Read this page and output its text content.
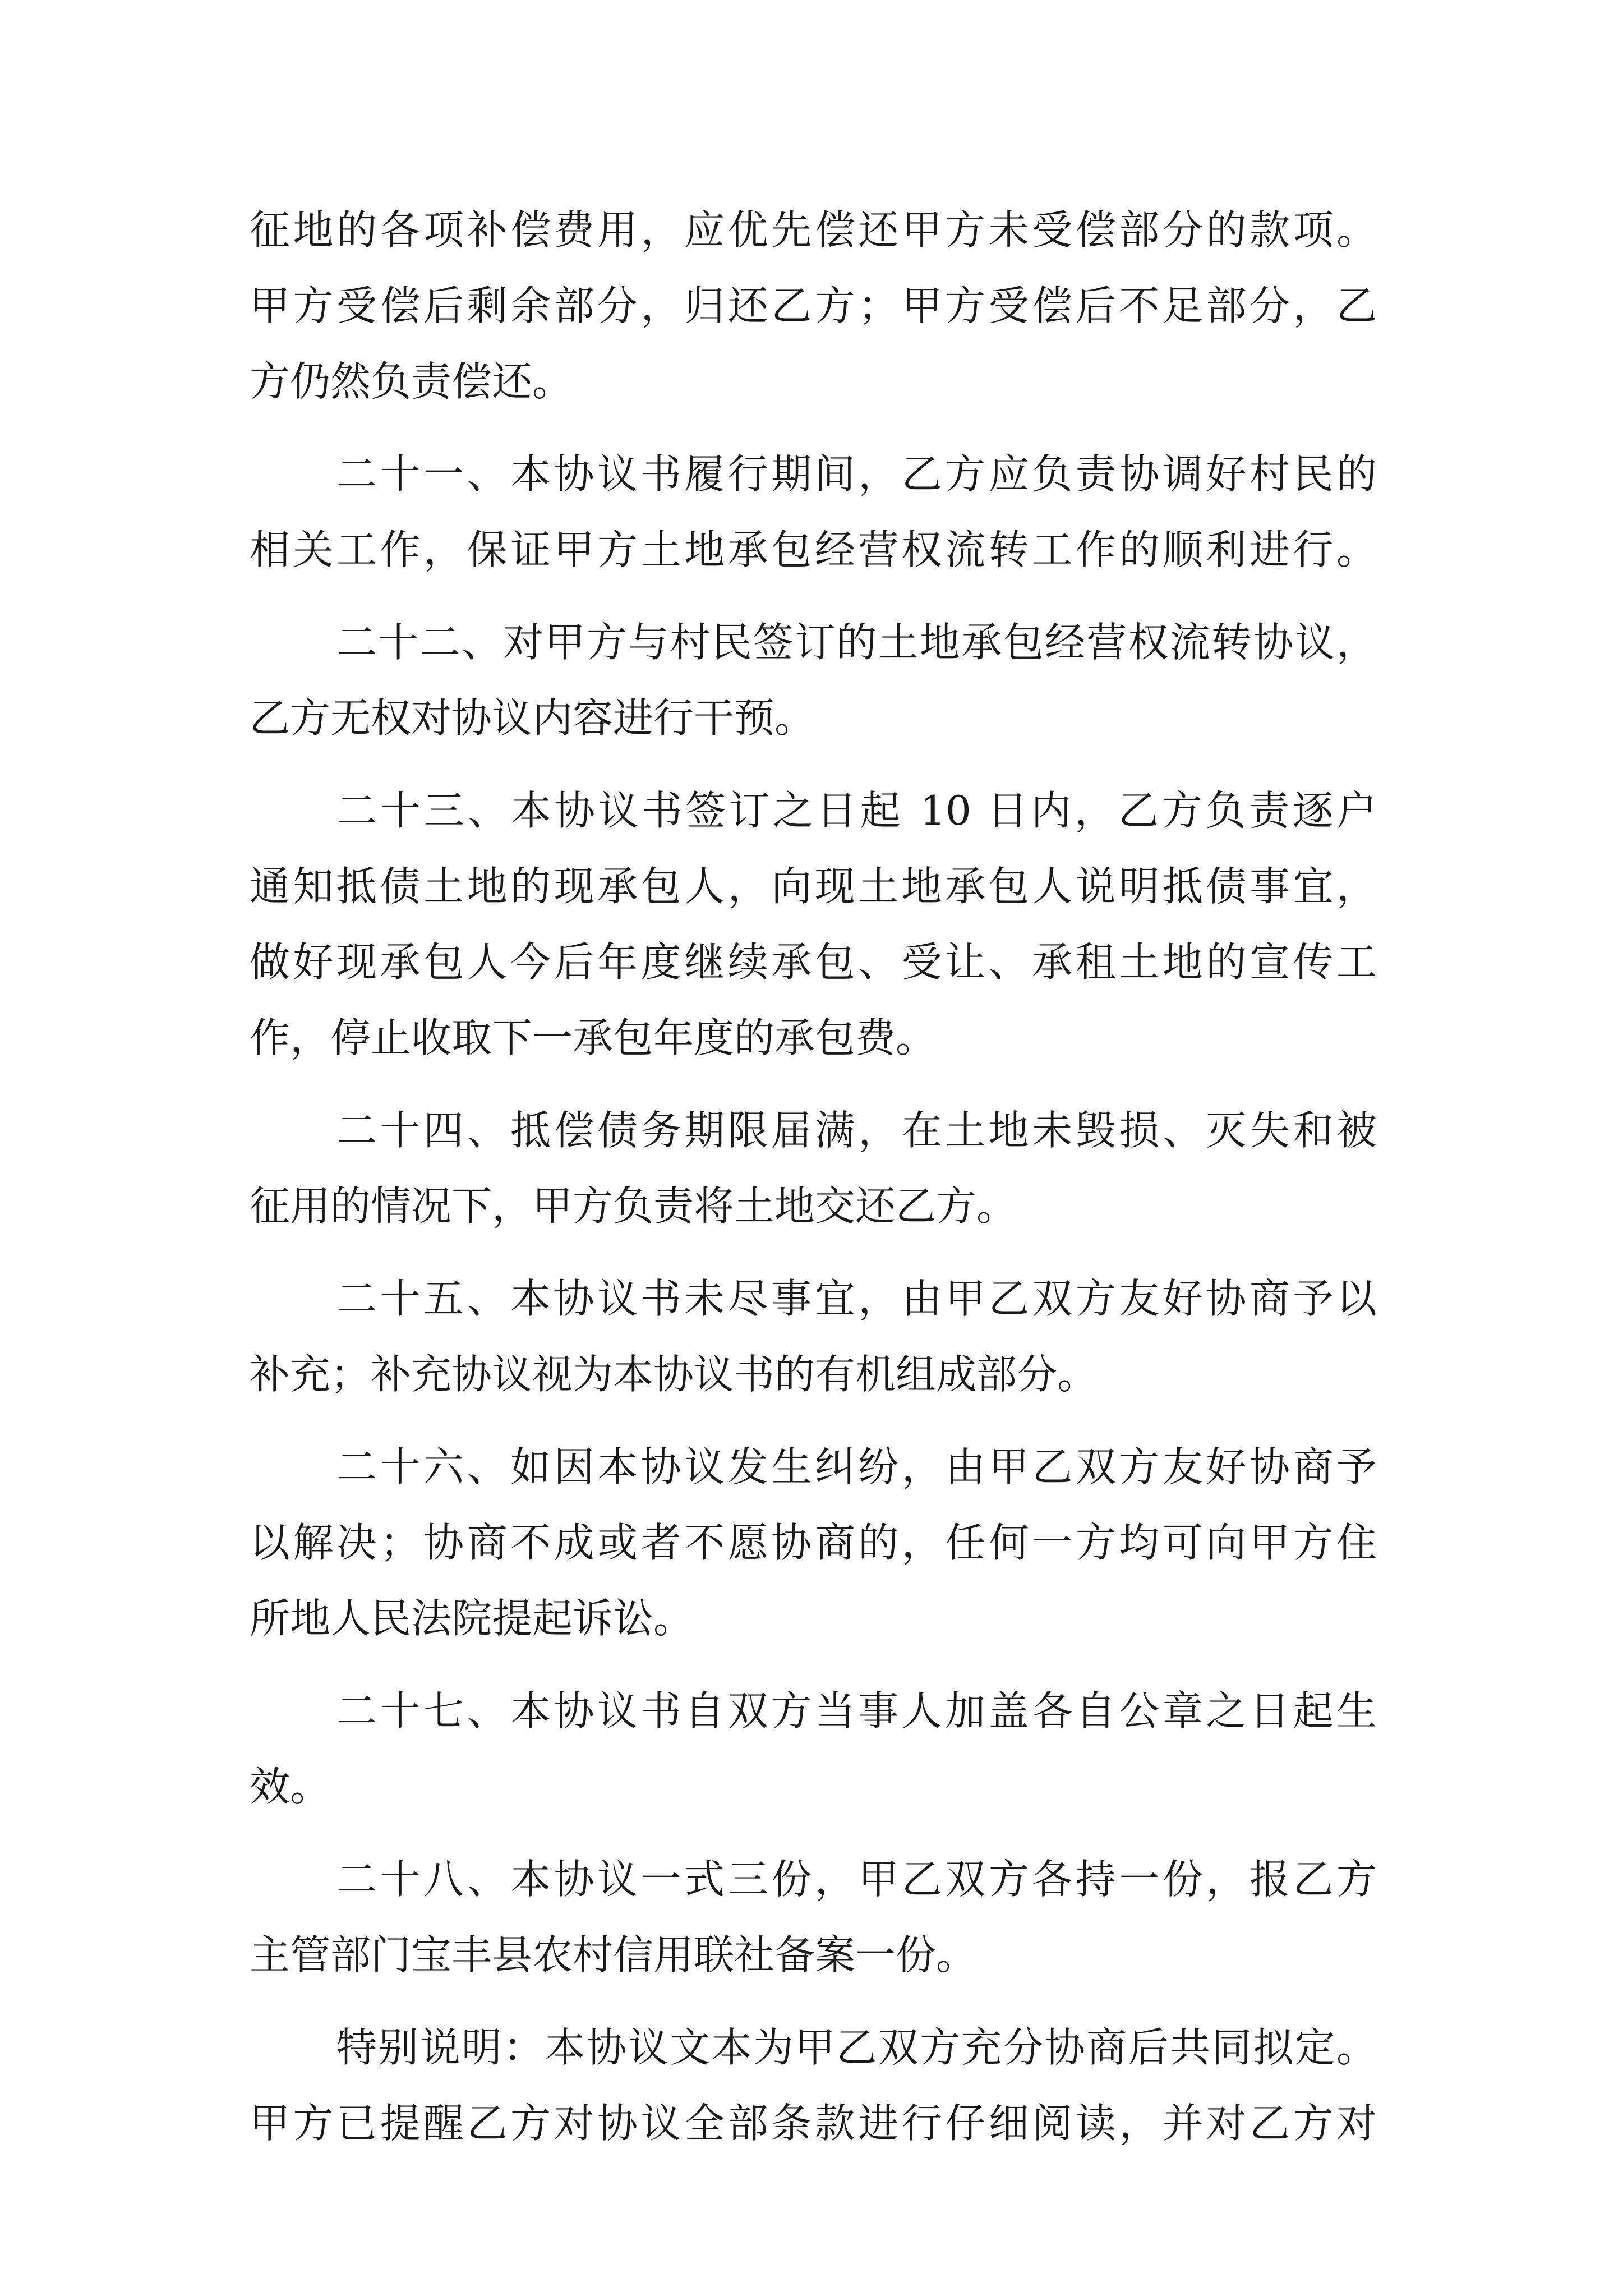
征地的各项补偿费用，应优先偿还甲方未受偿部分的款项。
甲方受偿后剩余部分，归还乙方；甲方受偿后不足部分，乙
方仍然负责偿还。
二十一、本协议书履行期间，乙方应负责协调好村民的
相关工作，保证甲方土地承包经营权流转工作的顺利进行。
二十二、对甲方与村民签订的土地承包经营权流转协议，
乙方无权对协议内容进行干预。
二十三、本协议书签订之日起 10 日内，乙方负责逐户
通知抵债土地的现承包人，向现土地承包人说明抵债事宜，
做好现承包人今后年度继续承包、受让、承租土地的宣传工
作，停止收取下一承包年度的承包费。
二十四、抵偿债务期限届满，在土地未毁损、灭失和被
征用的情况下，甲方负责将土地交还乙方。
二十五、本协议书未尽事宜，由甲乙双方友好协商予以
补充；补充协议视为本协议书的有机组成部分。
二十六、如因本协议发生纠纷，由甲乙双方友好协商予
以解决；协商不成或者不愿协商的，任何一方均可向甲方住
所地人民法院提起诉讼。
二十七、本协议书自双方当事人加盖各自公章之日起生
效。
二十八、本协议一式三份，甲乙双方各持一份，报乙方
主管部门宝丰县农村信用联社备案一份。
特别说明：本协议文本为甲乙双方充分协商后共同拟定。
甲方已提醒乙方对协议全部条款进行仔细阅读，并对乙方对
